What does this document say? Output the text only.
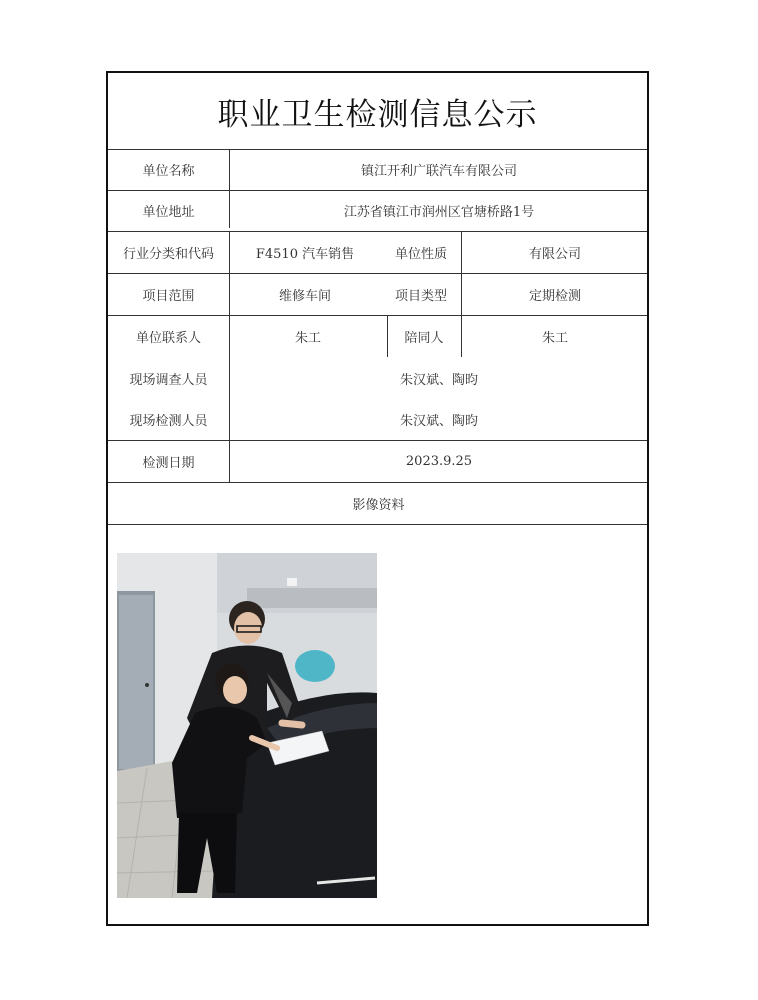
职业卫生检测信息公示
单位名称	镇江开利广联汽车有限公司
单位地址	江苏省镇江市润州区官塘桥路1号
行业分类和代码	F4510 汽车销售	单位性质	有限公司
项目范围	维修车间	项目类型	定期检测
单位联系人	朱工	陪同人	朱工
现场调查人员	朱汉斌、陶昀
现场检测人员	朱汉斌、陶昀
检测日期	2023.9.25
影像资料
